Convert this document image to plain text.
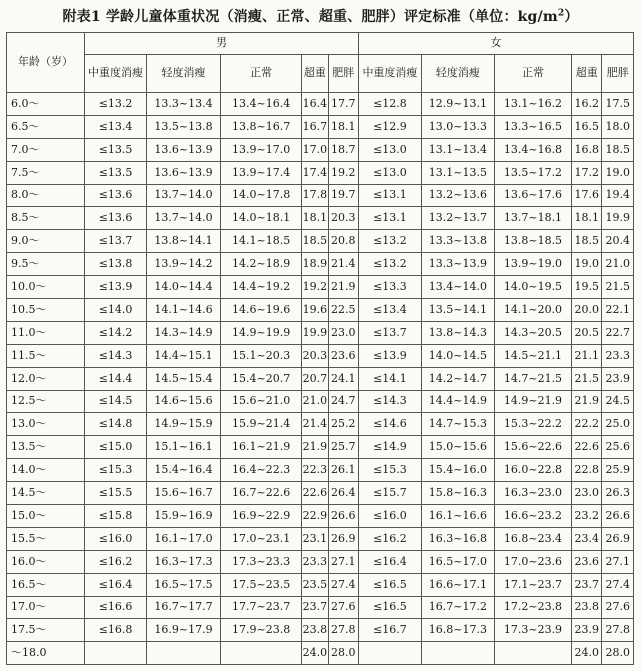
附表1 学龄儿童体重状况（消瘦、正常、超重、肥胖）评定标准（单位：$kg/m^2$）
年龄（岁）	男					女				
	中重度消瘦	轻度消瘦	正常	超重	肥胖	中重度消瘦	轻度消瘦	正常	超重	肥胖
6.0～	≤13.2	13.3~13.4	13.4~16.4	16.4	17.7	≤12.8	12.9~13.1	13.1~16.2	16.2	17.5
6.5～	≤13.4	13.5~13.8	13.8~16.7	16.7	18.1	≤12.9	13.0~13.3	13.3~16.5	16.5	18.0
7.0～	≤13.5	13.6~13.9	13.9~17.0	17.0	18.7	≤13.0	13.1~13.4	13.4~16.8	16.8	18.5
7.5～	≤13.5	13.6~13.9	13.9~17.4	17.4	19.2	≤13.0	13.1~13.5	13.5~17.2	17.2	19.0
8.0～	≤13.6	13.7~14.0	14.0~17.8	17.8	19.7	≤13.1	13.2~13.6	13.6~17.6	17.6	19.4
8.5～	≤13.6	13.7~14.0	14.0~18.1	18.1	20.3	≤13.1	13.2~13.7	13.7~18.1	18.1	19.9
9.0～	≤13.7	13.8~14.1	14.1~18.5	18.5	20.8	≤13.2	13.3~13.8	13.8~18.5	18.5	20.4
9.5～	≤13.8	13.9~14.2	14.2~18.9	18.9	21.4	≤13.2	13.3~13.9	13.9~19.0	19.0	21.0
10.0～	≤13.9	14.0~14.4	14.4~19.2	19.2	21.9	≤13.3	13.4~14.0	14.0~19.5	19.5	21.5
10.5～	≤14.0	14.1~14.6	14.6~19.6	19.6	22.5	≤13.4	13.5~14.1	14.1~20.0	20.0	22.1
11.0～	≤14.2	14.3~14.9	14.9~19.9	19.9	23.0	≤13.7	13.8~14.3	14.3~20.5	20.5	22.7
11.5～	≤14.3	14.4~15.1	15.1~20.3	20.3	23.6	≤13.9	14.0~14.5	14.5~21.1	21.1	23.3
12.0～	≤14.4	14.5~15.4	15.4~20.7	20.7	24.1	≤14.1	14.2~14.7	14.7~21.5	21.5	23.9
12.5～	≤14.5	14.6~15.6	15.6~21.0	21.0	24.7	≤14.3	14.4~14.9	14.9~21.9	21.9	24.5
13.0～	≤14.8	14.9~15.9	15.9~21.4	21.4	25.2	≤14.6	14.7~15.3	15.3~22.2	22.2	25.0
13.5～	≤15.0	15.1~16.1	16.1~21.9	21.9	25.7	≤14.9	15.0~15.6	15.6~22.6	22.6	25.6
14.0～	≤15.3	15.4~16.4	16.4~22.3	22.3	26.1	≤15.3	15.4~16.0	16.0~22.8	22.8	25.9
14.5～	≤15.5	15.6~16.7	16.7~22.6	22.6	26.4	≤15.7	15.8~16.3	16.3~23.0	23.0	26.3
15.0～	≤15.8	15.9~16.9	16.9~22.9	22.9	26.6	≤16.0	16.1~16.6	16.6~23.2	23.2	26.6
15.5～	≤16.0	16.1~17.0	17.0~23.1	23.1	26.9	≤16.2	16.3~16.8	16.8~23.4	23.4	26.9
16.0～	≤16.2	16.3~17.3	17.3~23.3	23.3	27.1	≤16.4	16.5~17.0	17.0~23.6	23.6	27.1
16.5～	≤16.4	16.5~17.5	17.5~23.5	23.5	27.4	≤16.5	16.6~17.1	17.1~23.7	23.7	27.4
17.0～	≤16.6	16.7~17.7	17.7~23.7	23.7	27.6	≤16.5	16.7~17.2	17.2~23.8	23.8	27.6
17.5～	≤16.8	16.9~17.9	17.9~23.8	23.8	27.8	≤16.7	16.8~17.3	17.3~23.9	23.9	27.8
～18.0				24.0	28.0				24.0	28.0
